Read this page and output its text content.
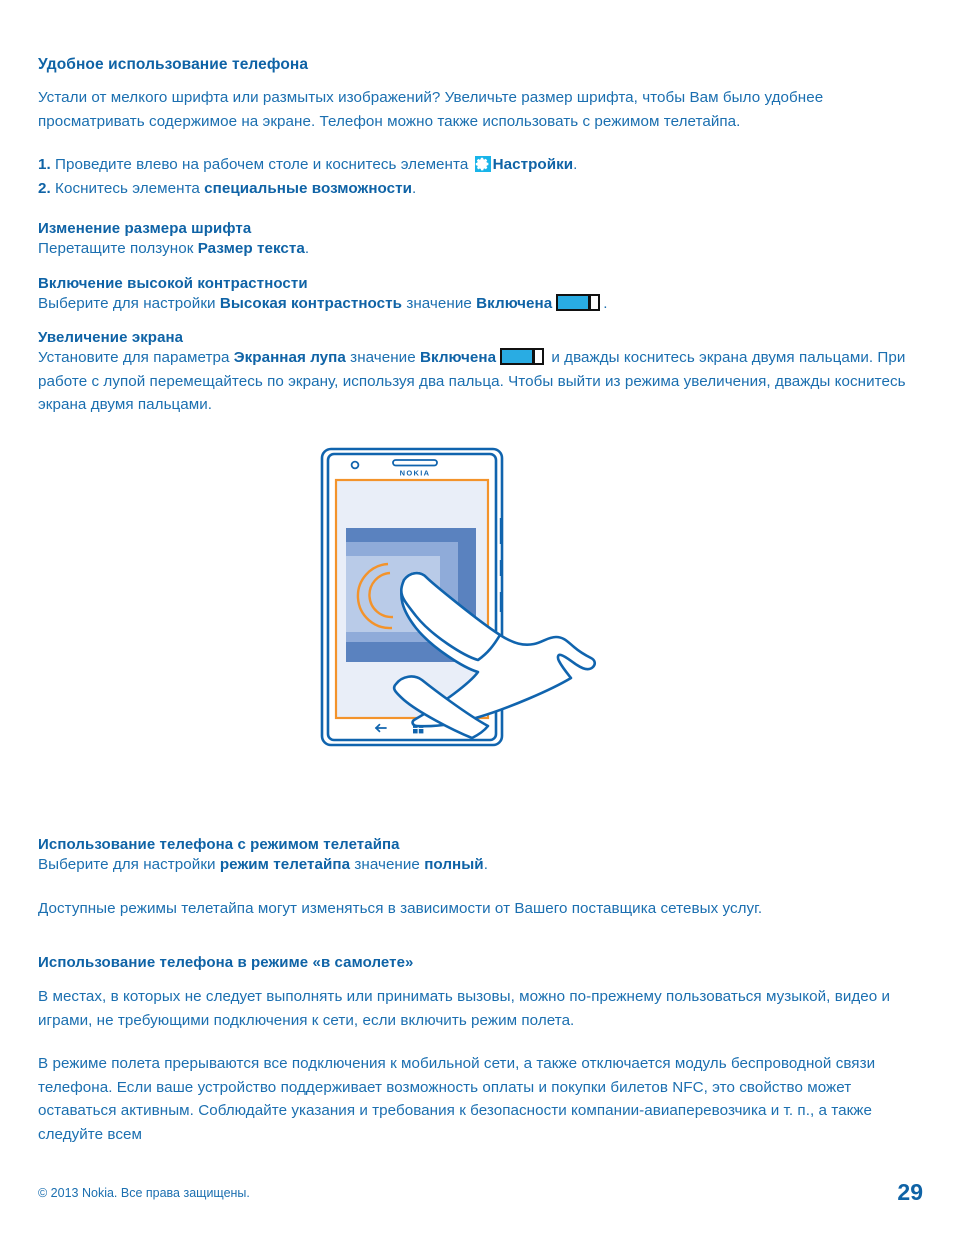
Удобное использование телефона

Устали от мелкого шрифта или размытых изображений? Увеличьте размер шрифта, чтобы Вам было удобнее просматривать содержимое на экране. Телефон можно также использовать с режимом телетайпа.

1. Проведите влево на рабочем столе и коснитесь элемента
Настройки.

2. Коснитесь элемента специальные возможности.

Изменение размера шрифта

Перетащите ползунок Размер текста.

Включение высокой контрастности

Выберите для настройки Высокая контрастность значение Включена	.

Увеличение экрана

Установите для параметра Экранная лупа значение Включена	и дважды коснитесь экрана двумя пальцами. При работе с лупой перемещайтесь по экрану, используя два пальца. Чтобы выйти из режима увеличения, дважды коснитесь экрана двумя пальцами.

NOKIA
Использование телефона с режимом телетайпа

Выберите для настройки режим телетайпа значение полный.

Доступные режимы телетайпа могут изменяться в зависимости от Вашего поставщика сетевых услуг.

Использование телефона в режиме «в самолете»

В местах, в которых не следует выполнять или принимать вызовы, можно по-прежнему пользоваться музыкой, видео и играми, не требующими подключения к сети, если включить режим полета.

В режиме полета прерываются все подключения к мобильной сети, а также отключается модуль беспроводной связи телефона. Если ваше устройство поддерживает возможность оплаты и покупки билетов NFC, это свойство может оставаться активным. Соблюдайте указания и требования к безопасности компании-авиаперевозчика и т. п., а также следуйте всем

© 2013 Nokia. Все права защищены.	29
